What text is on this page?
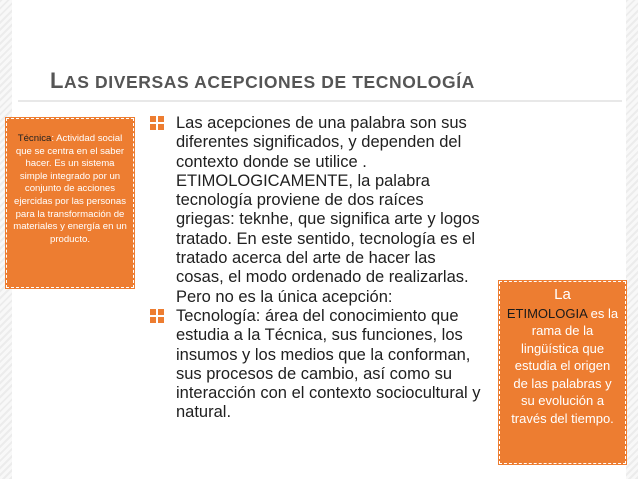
LAS DIVERSAS ACEPCIONES DE TECNOLOGÍA
Técnica: Actividad social que se centra en el saber hacer. Es un sistema simple integrado por un conjunto de acciones ejercidas por las personas para la transformación de materiales y energía en un producto.
Las acepciones de una palabra son sus diferentes significados, y dependen del contexto donde se utilice . ETIMOLOGICAMENTE, la palabra tecnología proviene de dos raíces griegas: teknhe, que significa arte y logos tratado. En este sentido, tecnología es el tratado acerca del arte de hacer las cosas, el modo ordenado de realizarlas. Pero no es la única acepción:
Tecnología: área del conocimiento que estudia a la Técnica, sus funciones, los insumos y los medios que la conforman, sus procesos de cambio, así como su interacción con el contexto sociocultural y natural.
La
ETIMOLOGIA es la rama de la lingüística que estudia el origen de las palabras y su evolución a través del tiempo.
